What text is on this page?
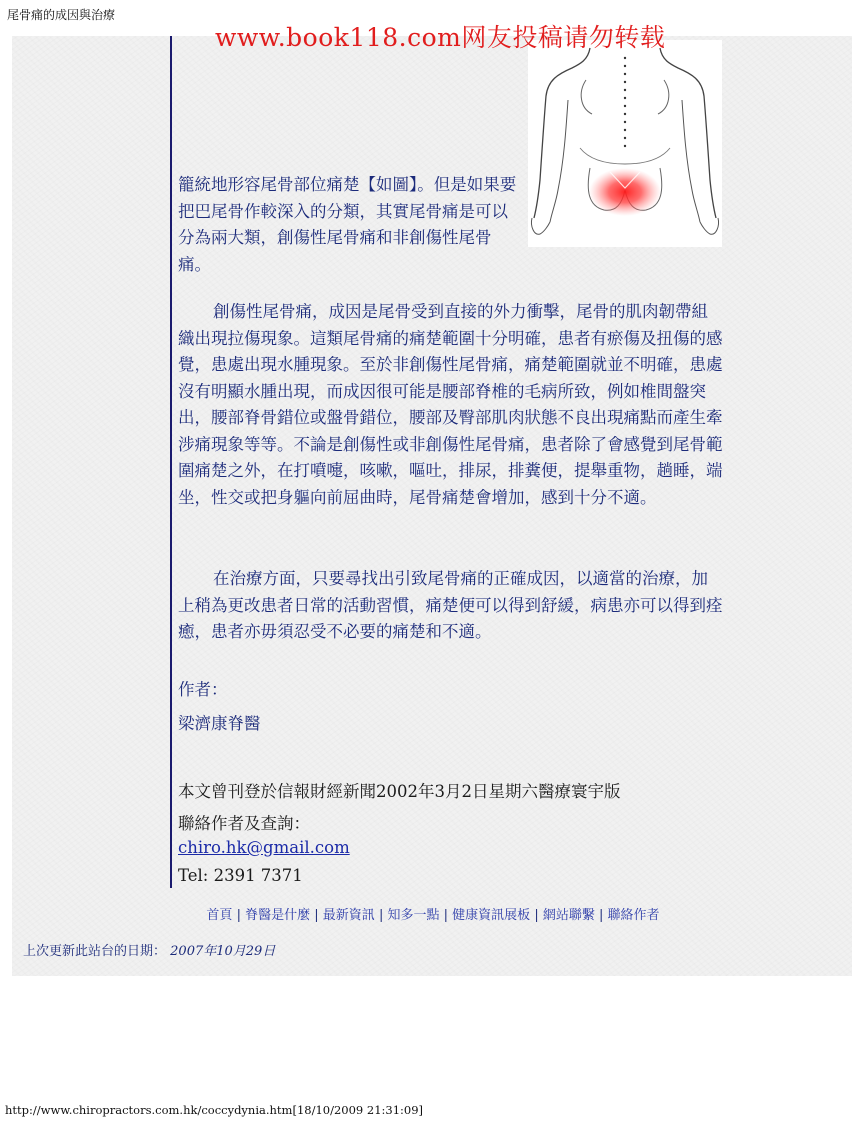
尾骨痛的成因與治療
www.book118.com网友投稿请勿转载
籠統地形容尾骨部位痛楚【如圖】。但是如果要把巴尾骨作較深入的分類，其實尾骨痛是可以分為兩大類，創傷性尾骨痛和非創傷性尾骨痛。
創傷性尾骨痛，成因是尾骨受到直接的外力衝擊，尾骨的肌肉韌帶組織出現拉傷現象。這類尾骨痛的痛楚範圍十分明確，患者有瘀傷及扭傷的感覺，患處出現水腫現象。至於非創傷性尾骨痛，痛楚範圍就並不明確，患處沒有明顯水腫出現，而成因很可能是腰部脊椎的毛病所致，例如椎間盤突出，腰部脊骨錯位或盤骨錯位，腰部及臀部肌肉狀態不良出現痛點而產生牽涉痛現象等等。不論是創傷性或非創傷性尾骨痛，患者除了會感覺到尾骨範圍痛楚之外，在打噴嚏，咳嗽，嘔吐，排尿，排糞便，提舉重物，趟睡，端坐，性交或把身軀向前屈曲時，尾骨痛楚會增加，感到十分不適。
在治療方面，只要尋找出引致尾骨痛的正確成因，以適當的治療，加上稍為更改患者日常的活動習慣，痛楚便可以得到舒緩，病患亦可以得到痊癒，患者亦毋須忍受不必要的痛楚和不適。
作者：
梁濟康脊醫
本文曾刊登於信報財經新聞2002年3月2日星期六醫療寰宇版
聯絡作者及查詢：
chiro.hk@gmail.com
Tel: 2391 7371
首頁 | 脊醫是什麼 | 最新資訊 | 知多一點 | 健康資訊展板 | 網站聯繫 | 聯絡作者
上次更新此站台的日期： 2007年10月29日
http://www.chiropractors.com.hk/coccydynia.htm[18/10/2009 21:31:09]
